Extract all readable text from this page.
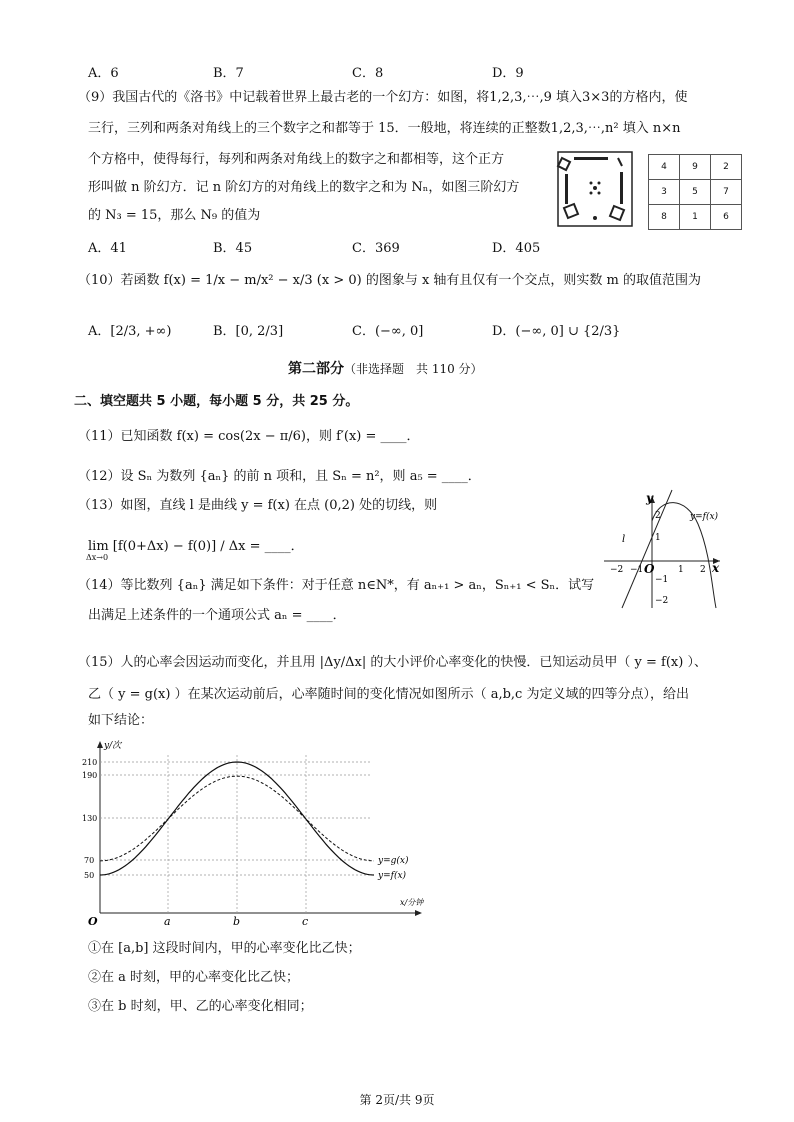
A．6	B．7	C．8	D．9
（9）我国古代的《洛书》中记载着世界上最古老的一个幻方：如图，将1,2,3,⋯,9 填入3×3的方格内，使
三行，三列和两条对角线上的三个数字之和都等于 15．一般地，将连续的正整数1,2,3,⋯,n² 填入 n×n
个方格中，使得每行，每列和两条对角线上的数字之和都相等，这个正方
形叫做 n 阶幻方．记 n 阶幻方的对角线上的数字之和为 Nₙ，如图三阶幻方
的 N₃ = 15，那么 N₉ 的值为
4	9	2
3	5	7
8	1	6
A．41	B．45	C．369	D．405
（10）若函数 f(x) = 1/x − m/x² − x/3 (x > 0) 的图象与 x 轴有且仅有一个交点，则实数 m 的取值范围为
A．[2/3, +∞)	B．[0, 2/3]	C．(−∞, 0]	D．(−∞, 0] ∪ {2/3}
第二部分（非选择题　共 110 分）
二、填空题共 5 小题，每小题 5 分，共 25 分。
（11）已知函数 f(x) = cos(2x − π/6)，则 f′(x) = ____．
（12）设 Sₙ 为数列 {aₙ} 的前 n 项和，且 Sₙ = n²，则 a₅ = ____．
（13）如图，直线 l 是曲线 y = f(x) 在点 (0,2) 处的切线，则
lim [f(0+Δx) − f(0)] / Δx = ____．
Δx→0
y
x
O
y=f(x)
l
−2 −1	1 2
2
1
−1
−2
（14）等比数列 {aₙ} 满足如下条件：对于任意 n∈N*，有 aₙ₊₁ > aₙ，Sₙ₊₁ < Sₙ．试写
出满足上述条件的一个通项公式 aₙ = ____．
（15）人的心率会因运动而变化，并且用 |Δy/Δx| 的大小评价心率变化的快慢．已知运动员甲（ y = f(x) ）、
乙（ y = g(x) ）在某次运动前后，心率随时间的变化情况如图所示（ a,b,c 为定义域的四等分点），给出
如下结论：
y/次
x/分钟
O
210
190
130
70
50
a	b	c
y=g(x)
y=f(x)
①在 [a,b] 这段时间内，甲的心率变化比乙快；
②在 a 时刻，甲的心率变化比乙快；
③在 b 时刻，甲、乙的心率变化相同；
第 2页/共 9页
